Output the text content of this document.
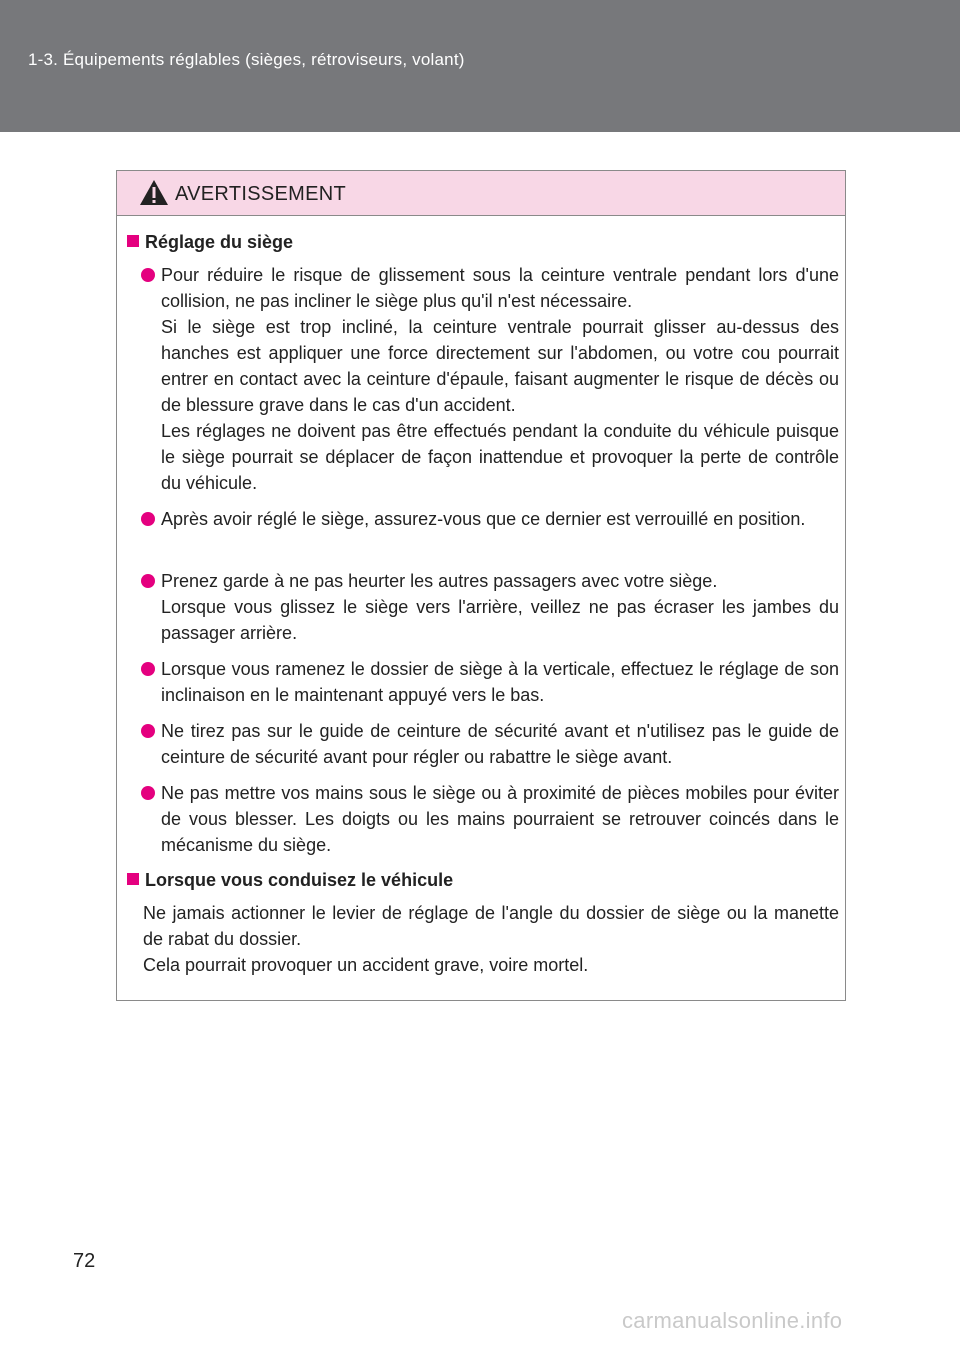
1-3. Équipements réglables (sièges, rétroviseurs, volant)
AVERTISSEMENT
Réglage du siège
Pour réduire le risque de glissement sous la ceinture ventrale pendant lors d'une collision, ne pas incliner le siège plus qu'il n'est nécessaire.
Si le siège est trop incliné, la ceinture ventrale pourrait glisser au-dessus des hanches est appliquer une force directement sur l'abdomen, ou votre cou pourrait entrer en contact avec la ceinture d'épaule, faisant augmenter le risque de décès ou de blessure grave dans le cas d'un accident.
Les réglages ne doivent pas être effectués pendant la conduite du véhicule puisque le siège pourrait se déplacer de façon inattendue et provoquer la perte de contrôle du véhicule.
Après avoir réglé le siège, assurez-vous que ce dernier est verrouillé en position.
Prenez garde à ne pas heurter les autres passagers avec votre siège.
Lorsque vous glissez le siège vers l'arrière, veillez ne pas écraser les jambes du passager arrière.
Lorsque vous ramenez le dossier de siège à la verticale, effectuez le réglage de son inclinaison en le maintenant appuyé vers le bas.
Ne tirez pas sur le guide de ceinture de sécurité avant et n'utilisez pas le guide de ceinture de sécurité avant pour régler ou rabattre le siège avant.
Ne pas mettre vos mains sous le siège ou à proximité de pièces mobiles pour éviter de vous blesser. Les doigts ou les mains pourraient se retrouver coincés dans le mécanisme du siège.
Lorsque vous conduisez le véhicule
Ne jamais actionner le levier de réglage de l'angle du dossier de siège ou la manette de rabat du dossier.
Cela pourrait provoquer un accident grave, voire mortel.
72
carmanualsonline.info
